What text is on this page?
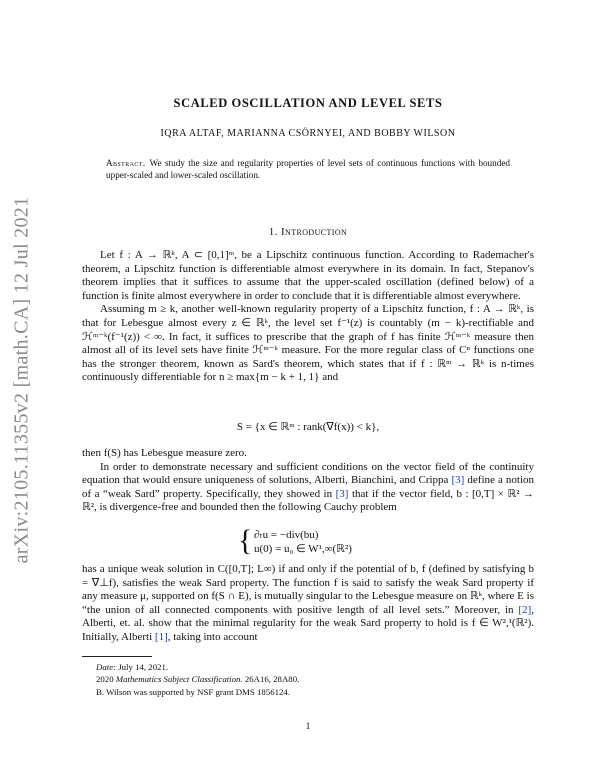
arXiv:2105.11355v2 [math.CA] 12 Jul 2021
SCALED OSCILLATION AND LEVEL SETS
IQRA ALTAF, MARIANNA CSÖRNYEI, AND BOBBY WILSON
Abstract. We study the size and regularity properties of level sets of continuous functions with bounded upper-scaled and lower-scaled oscillation.
1. Introduction

Let f : A → ℝᵏ, A ⊂ [0,1]ᵐ, be a Lipschitz continuous function. According to Rademacher's theorem, a Lipschitz function is differentiable almost everywhere in its domain. In fact, Stepanov's theorem implies that it suffices to assume that the upper-scaled oscillation (defined below) of a function is finite almost everywhere in order to conclude that it is differentiable almost everywhere.

Assuming m ≥ k, another well-known regularity property of a Lipschitz function, f : A → ℝᵏ, is that for Lebesgue almost every z ∈ ℝᵏ, the level set f⁻¹(z) is countably (m − k)-rectifiable and ℋᵐ⁻ᵏ(f⁻¹(z)) < ∞. In fact, it suffices to prescribe that the graph of f has finite ℋᵐ⁻ᵏ measure then almost all of its level sets have finite ℋᵐ⁻ᵏ measure. For the more regular class of Cⁿ functions one has the stronger theorem, known as Sard's theorem, which states that if f : ℝᵐ → ℝᵏ is n-times continuously differentiable for n ≥ max{m − k + 1, 1} and

S = {x ∈ ℝᵐ : rank(∇f(x)) < k},

then f(S) has Lebesgue measure zero.

In order to demonstrate necessary and sufficient conditions on the vector field of the continuity equation that would ensure uniqueness of solutions, Alberti, Bianchini, and Crippa [3] define a notion of a “weak Sard” property. Specifically, they showed in [3] that if the vector field, b : [0,T] × ℝ² → ℝ², is divergence-free and bounded then the following Cauchy problem

{ ∂ₜu = −div(bu)
u(0) = u₀ ∈ W¹,∞(ℝ²)

has a unique weak solution in C([0,T]; L∞) if and only if the potential of b, f (defined by satisfying b = ∇⊥f), satisfies the weak Sard property. The function f is said to satisfy the weak Sard property if any measure μ, supported on f(S ∩ E), is mutually singular to the Lebesgue measure on ℝᵏ, where E is “the union of all connected components with positive length of all level sets.” Moreover, in [2], Alberti, et. al. show that the minimal regularity for the weak Sard property to hold is f ∈ W²,¹(ℝ²). Initially, Alberti [1], taking into account

Date: July 14, 2021.
2020 Mathematics Subject Classification. 26A16, 28A80.
B. Wilson was supported by NSF grant DMS 1856124.
1
